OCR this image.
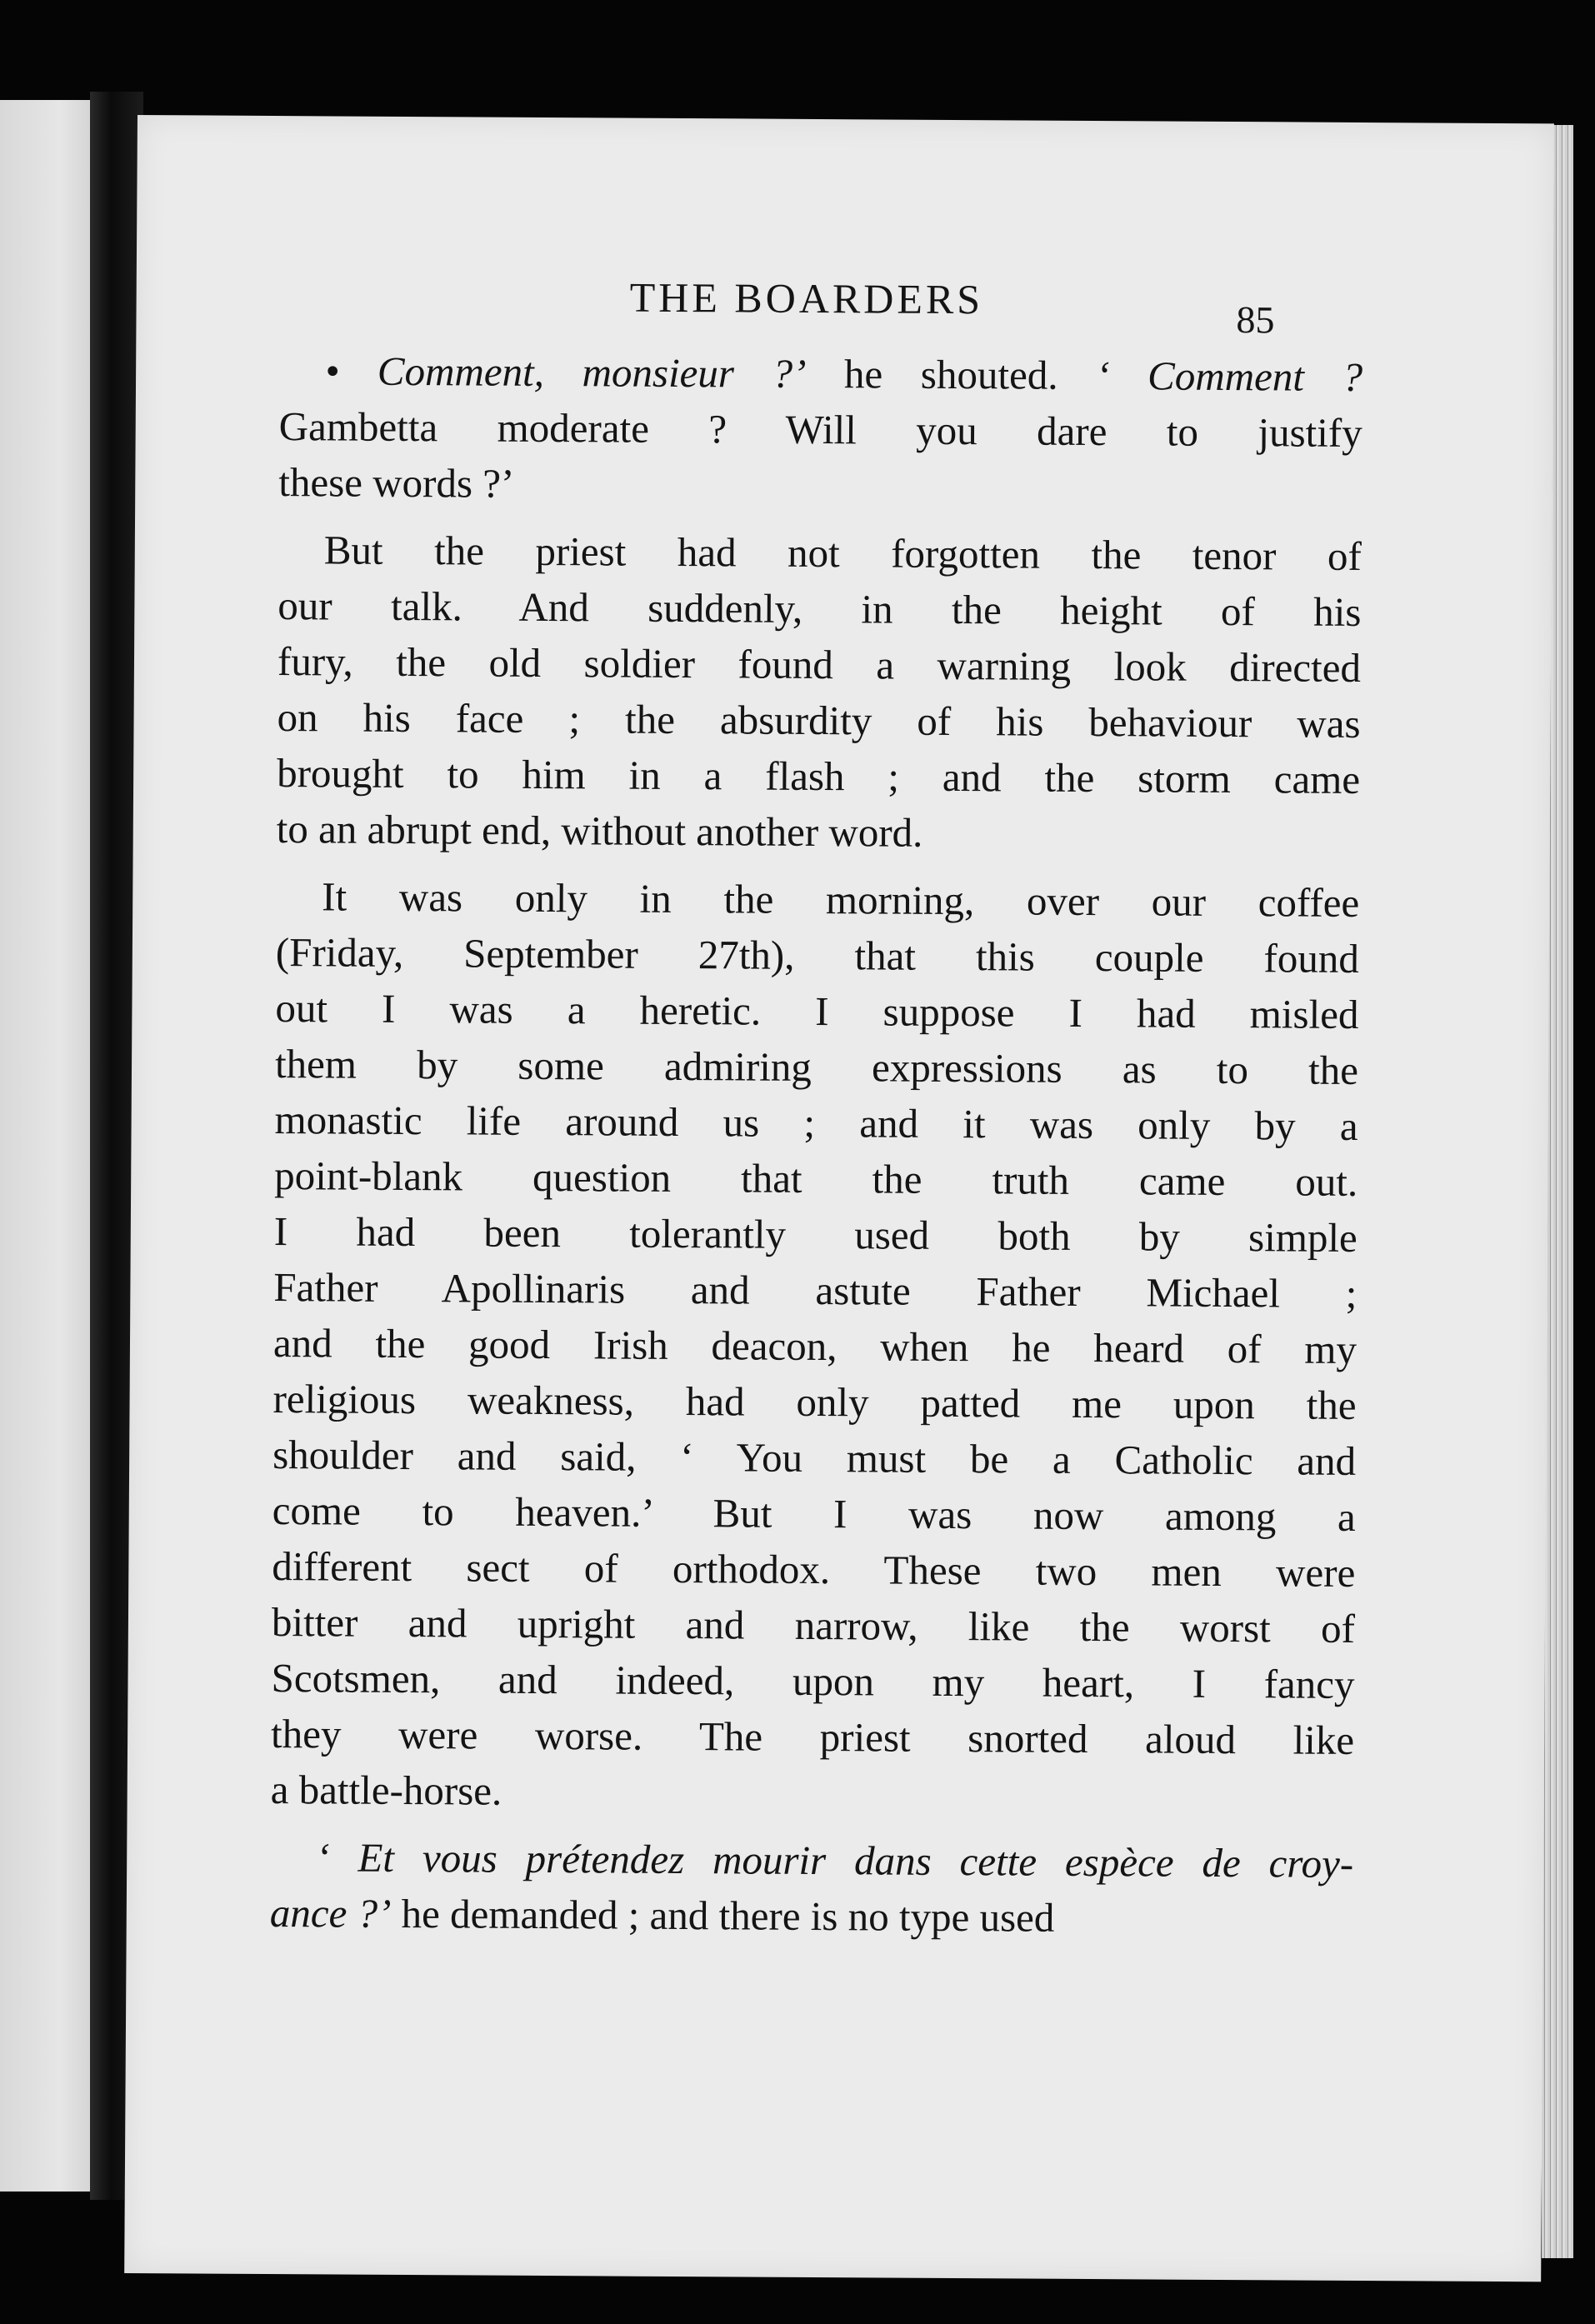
THE BOARDERS	85
• Comment, monsieur ?’ he shouted. ‘ Comment ?
Gambetta moderate ? Will you dare to justify
these words ?’
But the priest had not forgotten the tenor of
our talk. And suddenly, in the height of his
fury, the old soldier found a warning look directed
on his face ; the absurdity of his behaviour was
brought to him in a flash ; and the storm came
to an abrupt end, without another word.
It was only in the morning, over our coffee
(Friday, September 27th), that this couple found
out I was a heretic. I suppose I had misled
them by some admiring expressions as to the
monastic life around us ; and it was only by a
point-blank question that the truth came out.
I had been tolerantly used both by simple
Father Apollinaris and astute Father Michael ;
and the good Irish deacon, when he heard of my
religious weakness, had only patted me upon the
shoulder and said, ‘ You must be a Catholic and
come to heaven.’ But I was now among a
different sect of orthodox. These two men were
bitter and upright and narrow, like the worst of
Scotsmen, and indeed, upon my heart, I fancy
they were worse. The priest snorted aloud like
a battle-horse.
‘ Et vous prétendez mourir dans cette espèce de croy-
ance ?’ he demanded ; and there is no type used
